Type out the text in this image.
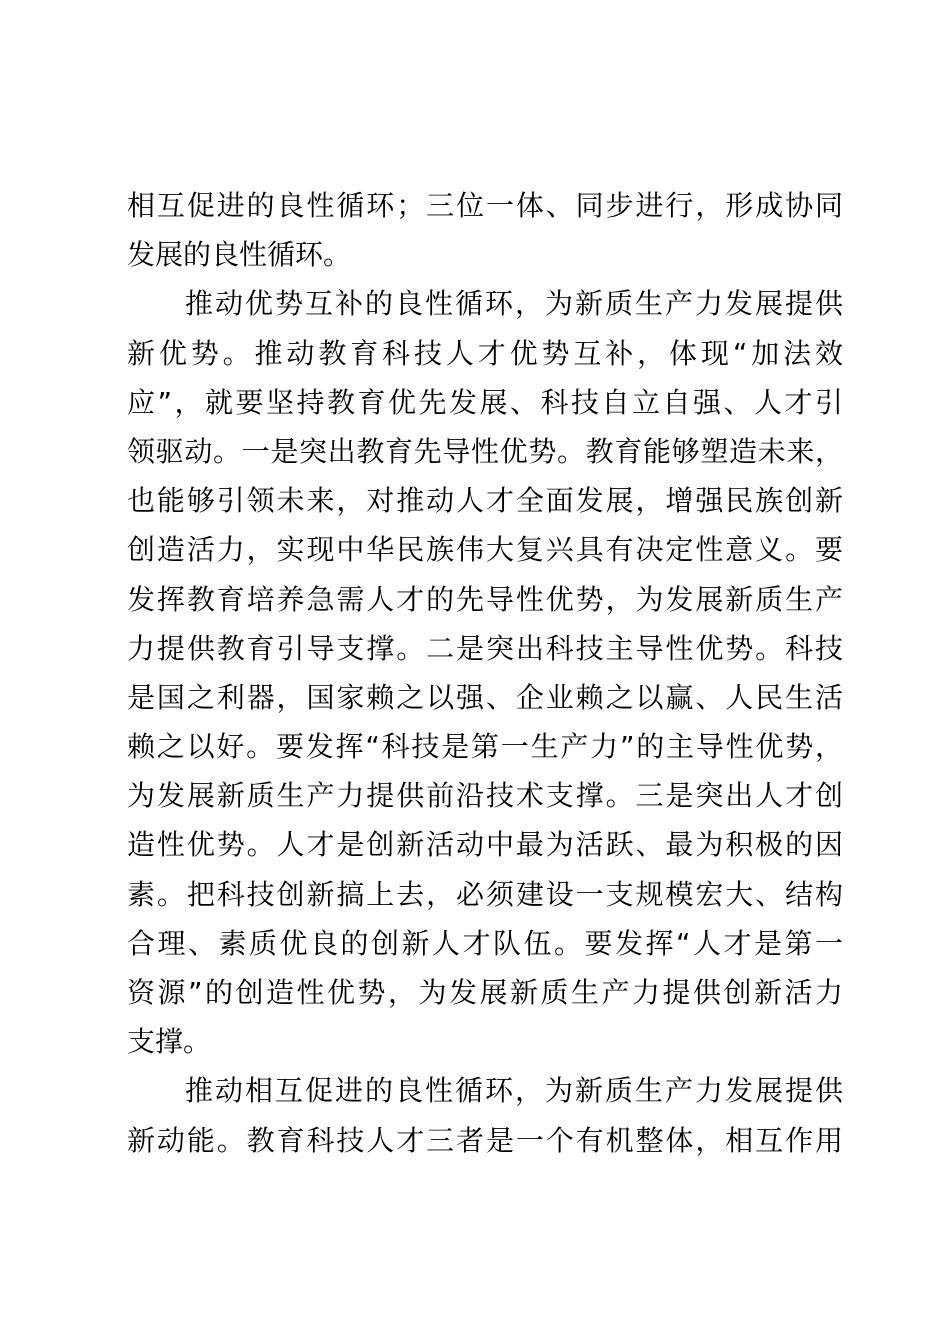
相互促进的良性循环；三位一体、同步进行，形成协同
发展的良性循环。
推动优势互补的良性循环，为新质生产力发展提供
新优势。推动教育科技人才优势互补，体现“加法效
应”，就要坚持教育优先发展、科技自立自强、人才引
领驱动。一是突出教育先导性优势。教育能够塑造未来，
也能够引领未来，对推动人才全面发展，增强民族创新
创造活力，实现中华民族伟大复兴具有决定性意义。要
发挥教育培养急需人才的先导性优势，为发展新质生产
力提供教育引导支撑。二是突出科技主导性优势。科技
是国之利器，国家赖之以强、企业赖之以赢、人民生活
赖之以好。要发挥“科技是第一生产力”的主导性优势，
为发展新质生产力提供前沿技术支撑。三是突出人才创
造性优势。人才是创新活动中最为活跃、最为积极的因
素。把科技创新搞上去，必须建设一支规模宏大、结构
合理、素质优良的创新人才队伍。要发挥“人才是第一
资源”的创造性优势，为发展新质生产力提供创新活力
支撑。
推动相互促进的良性循环，为新质生产力发展提供
新动能。教育科技人才三者是一个有机整体，相互作用
